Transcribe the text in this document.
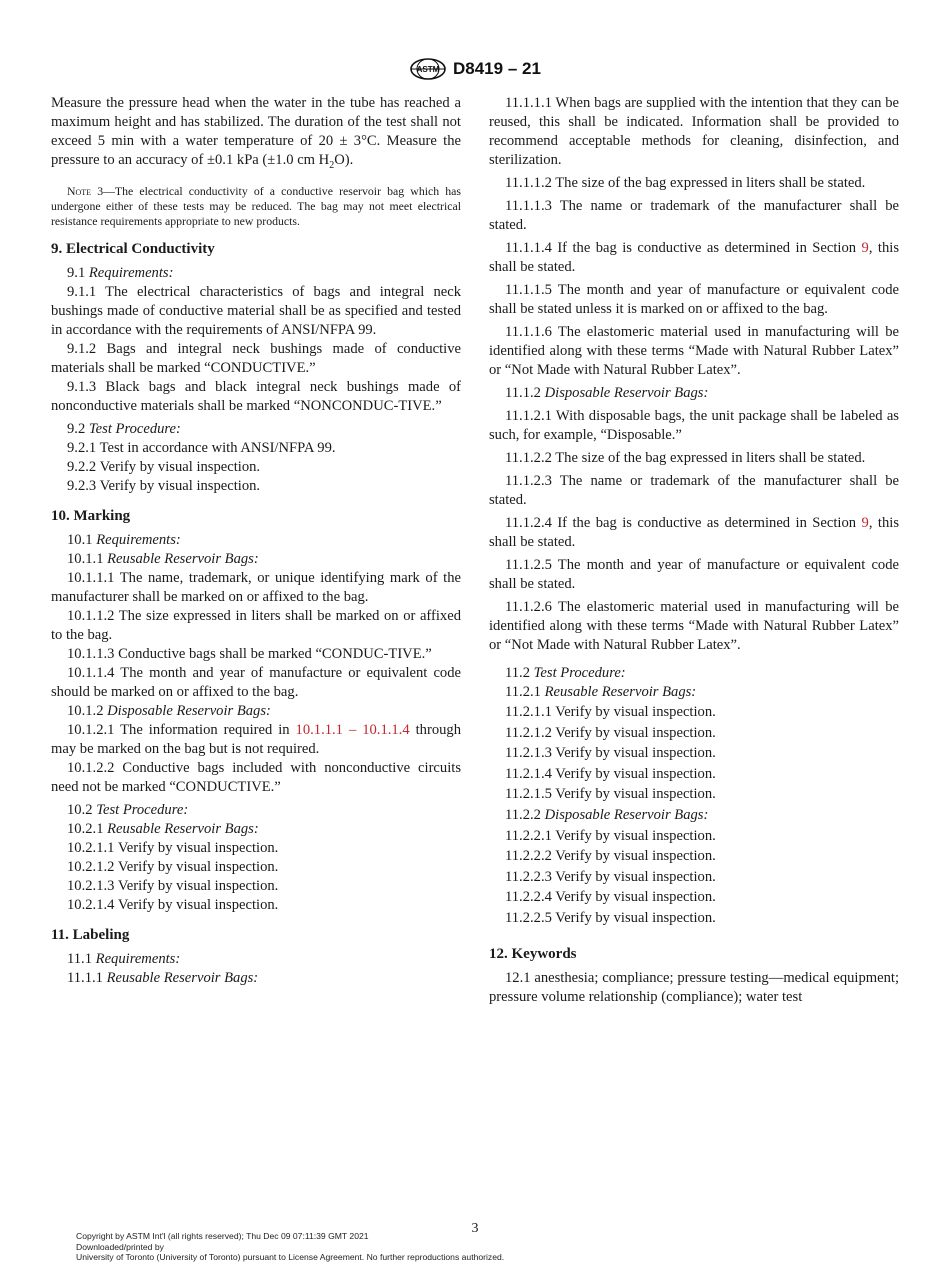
ASTM D8419 – 21

Measure the pressure head when the water in the tube has reached a maximum height and has stabilized. The duration of the test shall not exceed 5 min with a water temperature of 20 ± 3°C. Measure the pressure to an accuracy of ±0.1 kPa (±1.0 cm $H_2O$).

Note 3—The electrical conductivity of a conductive reservoir bag which has undergone either of these tests may be reduced. The bag may not meet electrical resistance requirements appropriate to new products.

9. Electrical Conductivity

9.1 Requirements:

9.1.1 The electrical characteristics of bags and integral neck bushings made of conductive material shall be as specified and tested in accordance with the requirements of ANSI/NFPA 99.

9.1.2 Bags and integral neck bushings made of conductive materials shall be marked “CONDUCTIVE.”

9.1.3 Black bags and black integral neck bushings made of nonconductive materials shall be marked “NONCONDUC-TIVE.”

9.2 Test Procedure:

9.2.1 Test in accordance with ANSI/NFPA 99.

9.2.2 Verify by visual inspection.

9.2.3 Verify by visual inspection.

10. Marking

10.1 Requirements:

10.1.1 Reusable Reservoir Bags:

10.1.1.1 The name, trademark, or unique identifying mark of the manufacturer shall be marked on or affixed to the bag.

10.1.1.2 The size expressed in liters shall be marked on or affixed to the bag.

10.1.1.3 Conductive bags shall be marked “CONDUC-TIVE.”

10.1.1.4 The month and year of manufacture or equivalent code should be marked on or affixed to the bag.

10.1.2 Disposable Reservoir Bags:

10.1.2.1 The information required in 10.1.1.1 – 10.1.1.4 through may be marked on the bag but is not required.

10.1.2.2 Conductive bags included with nonconductive circuits need not be marked “CONDUCTIVE.”

10.2 Test Procedure:

10.2.1 Reusable Reservoir Bags:

10.2.1.1 Verify by visual inspection.

10.2.1.2 Verify by visual inspection.

10.2.1.3 Verify by visual inspection.

10.2.1.4 Verify by visual inspection.

11. Labeling

11.1 Requirements:

11.1.1 Reusable Reservoir Bags:

11.1.1.1 When bags are supplied with the intention that they can be reused, this shall be indicated. Information shall be provided to recommend acceptable methods for cleaning, disinfection, and sterilization.

11.1.1.2 The size of the bag expressed in liters shall be stated.

11.1.1.3 The name or trademark of the manufacturer shall be stated.

11.1.1.4 If the bag is conductive as determined in Section 9, this shall be stated.

11.1.1.5 The month and year of manufacture or equivalent code shall be stated unless it is marked on or affixed to the bag.

11.1.1.6 The elastomeric material used in manufacturing will be identified along with these terms “Made with Natural Rubber Latex” or “Not Made with Natural Rubber Latex”.

11.1.2 Disposable Reservoir Bags:

11.1.2.1 With disposable bags, the unit package shall be labeled as such, for example, “Disposable.”

11.1.2.2 The size of the bag expressed in liters shall be stated.

11.1.2.3 The name or trademark of the manufacturer shall be stated.

11.1.2.4 If the bag is conductive as determined in Section 9, this shall be stated.

11.1.2.5 The month and year of manufacture or equivalent code shall be stated.

11.1.2.6 The elastomeric material used in manufacturing will be identified along with these terms “Made with Natural Rubber Latex” or “Not Made with Natural Rubber Latex”.

11.2 Test Procedure:

11.2.1 Reusable Reservoir Bags:

11.2.1.1 Verify by visual inspection.

11.2.1.2 Verify by visual inspection.

11.2.1.3 Verify by visual inspection.

11.2.1.4 Verify by visual inspection.

11.2.1.5 Verify by visual inspection.

11.2.2 Disposable Reservoir Bags:

11.2.2.1 Verify by visual inspection.

11.2.2.2 Verify by visual inspection.

11.2.2.3 Verify by visual inspection.

11.2.2.4 Verify by visual inspection.

11.2.2.5 Verify by visual inspection.

12. Keywords

12.1 anesthesia; compliance; pressure testing—medical equipment; pressure volume relationship (compliance); water test

3
Copyright by ASTM Int'l (all rights reserved); Thu Dec 09 07:11:39 GMT 2021
Downloaded/printed by
University of Toronto (University of Toronto) pursuant to License Agreement. No further reproductions authorized.
